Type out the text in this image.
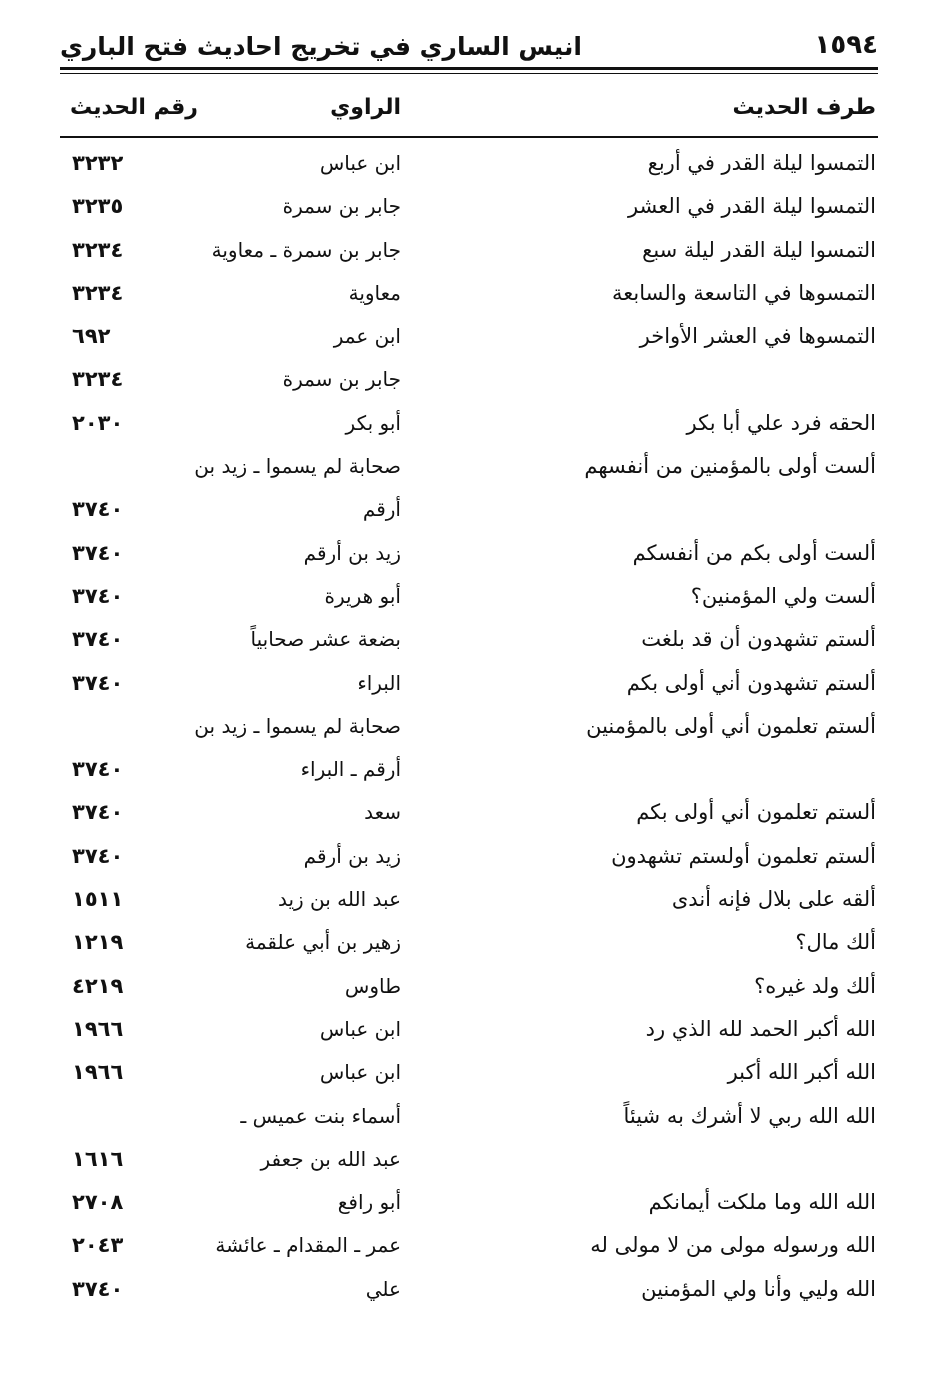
١٥٩٤
انيس الساري في تخريج احاديث فتح الباري
طرف الحديث
الراوي
رقم الحديث
التمسوا ليلة القدر في أربع
ابن عباس
٣٢٣٢
التمسوا ليلة القدر في العشر
جابر بن سمرة
٣٢٣٥
التمسوا ليلة القدر ليلة سبع
جابر بن سمرة ـ معاوية
٣٢٣٤
التمسوها في التاسعة والسابعة
معاوية
٣٢٣٤
التمسوها في العشر الأواخر
ابن عمر
٦٩٢
جابر بن سمرة
٣٢٣٤
الحقه فرد علي أبا بكر
أبو بكر
٢٠٣٠
ألست أولى بالمؤمنين من أنفسهم
صحابة لم يسموا ـ زيد بن
أرقم
٣٧٤٠
ألست أولى بكم من أنفسكم
زيد بن أرقم
٣٧٤٠
ألست ولي المؤمنين؟
أبو هريرة
٣٧٤٠
ألستم تشهدون أن قد بلغت
بضعة عشر صحابياً
٣٧٤٠
ألستم تشهدون أني أولى بكم
البراء
٣٧٤٠
ألستم تعلمون أني أولى بالمؤمنين
صحابة لم يسموا ـ زيد بن
أرقم ـ البراء
٣٧٤٠
ألستم تعلمون أني أولى بكم
سعد
٣٧٤٠
ألستم تعلمون أولستم تشهدون
زيد بن أرقم
٣٧٤٠
ألقه على بلال فإنه أندى
عبد الله بن زيد
١٥١١
ألك مال؟
زهير بن أبي علقمة
١٢١٩
ألك ولد غيره؟
طاوس
٤٢١٩
الله أكبر الحمد لله الذي رد
ابن عباس
١٩٦٦
الله أكبر الله أكبر
ابن عباس
١٩٦٦
الله الله ربي لا أشرك به شيئاً
أسماء بنت عميس ـ
عبد الله بن جعفر
١٦١٦
الله الله وما ملكت أيمانكم
أبو رافع
٢٧٠٨
الله ورسوله مولى من لا مولى له
عمر ـ المقدام ـ عائشة
٢٠٤٣
الله وليي وأنا ولي المؤمنين
علي
٣٧٤٠
